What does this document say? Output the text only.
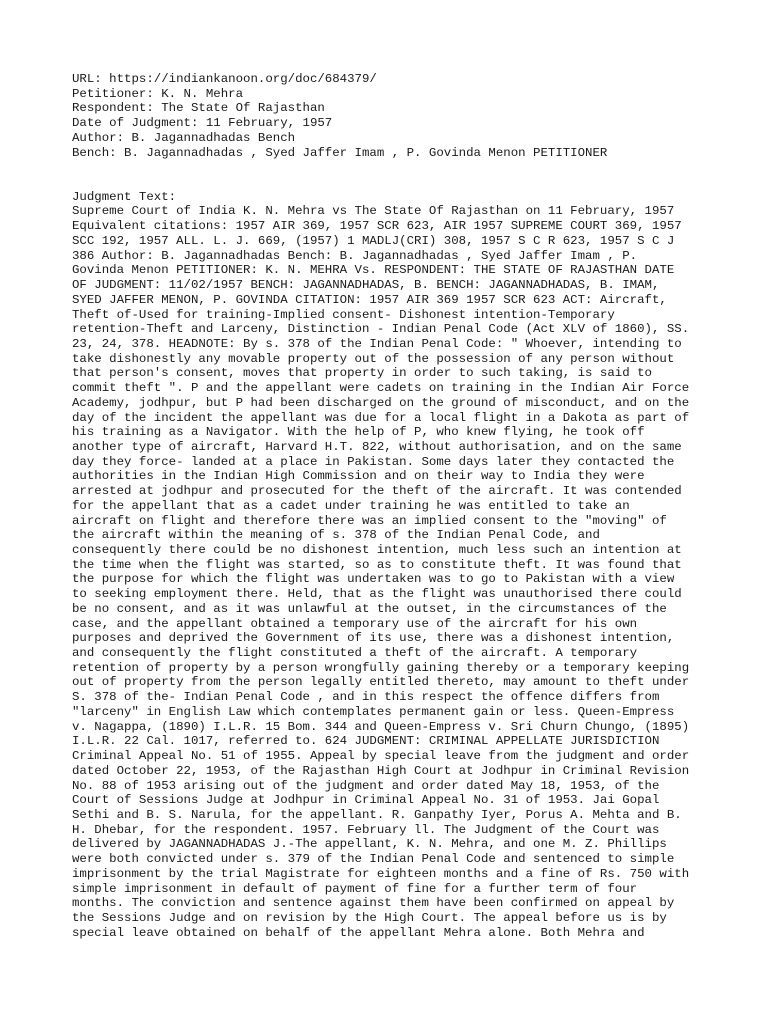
URL: https://indiankanoon.org/doc/684379/
Petitioner: K. N. Mehra
Respondent: The State Of Rajasthan
Date of Judgment: 11 February, 1957
Author: B. Jagannadhadas Bench
Bench: B. Jagannadhadas , Syed Jaffer Imam , P. Govinda Menon PETITIONER
Judgment Text:
Supreme Court of India K. N. Mehra vs The State Of Rajasthan on 11 February, 1957
Equivalent citations: 1957 AIR 369, 1957 SCR 623, AIR 1957 SUPREME COURT 369, 1957
SCC 192, 1957 ALL. L. J. 669, (1957) 1 MADLJ(CRI) 308, 1957 S C R 623, 1957 S C J
386 Author: B. Jagannadhadas Bench: B. Jagannadhadas , Syed Jaffer Imam , P.
Govinda Menon PETITIONER: K. N. MEHRA Vs. RESPONDENT: THE STATE OF RAJASTHAN DATE
OF JUDGMENT: 11/02/1957 BENCH: JAGANNADHADAS, B. BENCH: JAGANNADHADAS, B. IMAM,
SYED JAFFER MENON, P. GOVINDA CITATION: 1957 AIR 369 1957 SCR 623 ACT: Aircraft,
Theft of-Used for training-Implied consent- Dishonest intention-Temporary
retention-Theft and Larceny, Distinction - Indian Penal Code (Act XLV of 1860), SS.
23, 24, 378. HEADNOTE: By s. 378 of the Indian Penal Code: " Whoever, intending to
take dishonestly any movable property out of the possession of any person without
that person's consent, moves that property in order to such taking, is said to
commit theft ". P and the appellant were cadets on training in the Indian Air Force
Academy, jodhpur, but P had been discharged on the ground of misconduct, and on the
day of the incident the appellant was due for a local flight in a Dakota as part of
his training as a Navigator. With the help of P, who knew flying, he took off
another type of aircraft, Harvard H.T. 822, without authorisation, and on the same
day they force- landed at a place in Pakistan. Some days later they contacted the
authorities in the Indian High Commission and on their way to India they were
arrested at jodhpur and prosecuted for the theft of the aircraft. It was contended
for the appellant that as a cadet under training he was entitled to take an
aircraft on flight and therefore there was an implied consent to the "moving" of
the aircraft within the meaning of s. 378 of the Indian Penal Code, and
consequently there could be no dishonest intention, much less such an intention at
the time when the flight was started, so as to constitute theft. It was found that
the purpose for which the flight was undertaken was to go to Pakistan with a view
to seeking employment there. Held, that as the flight was unauthorised there could
be no consent, and as it was unlawful at the outset, in the circumstances of the
case, and the appellant obtained a temporary use of the aircraft for his own
purposes and deprived the Government of its use, there was a dishonest intention,
and consequently the flight constituted a theft of the aircraft. A temporary
retention of property by a person wrongfully gaining thereby or a temporary keeping
out of property from the person legally entitled thereto, may amount to theft under
S. 378 of the- Indian Penal Code , and in this respect the offence differs from
"larceny" in English Law which contemplates permanent gain or less. Queen-Empress
v. Nagappa, (1890) I.L.R. 15 Bom. 344 and Queen-Empress v. Sri Churn Chungo, (1895)
I.L.R. 22 Cal. 1017, referred to. 624 JUDGMENT: CRIMINAL APPELLATE JURISDICTION
Criminal Appeal No. 51 of 1955. Appeal by special leave from the judgment and order
dated October 22, 1953, of the Rajasthan High Court at Jodhpur in Criminal Revision
No. 88 of 1953 arising out of the judgment and order dated May 18, 1953, of the
Court of Sessions Judge at Jodhpur in Criminal Appeal No. 31 of 1953. Jai Gopal
Sethi and B. S. Narula, for the appellant. R. Ganpathy Iyer, Porus A. Mehta and B.
H. Dhebar, for the respondent. 1957. February ll. The Judgment of the Court was
delivered by JAGANNADHADAS J.-The appellant, K. N. Mehra, and one M. Z. Phillips
were both convicted under s. 379 of the Indian Penal Code and sentenced to simple
imprisonment by the trial Magistrate for eighteen months and a fine of Rs. 750 with
simple imprisonment in default of payment of fine for a further term of four
months. The conviction and sentence against them have been confirmed on appeal by
the Sessions Judge and on revision by the High Court. The appeal before us is by
special leave obtained on behalf of the appellant Mehra alone. Both Mehra and
